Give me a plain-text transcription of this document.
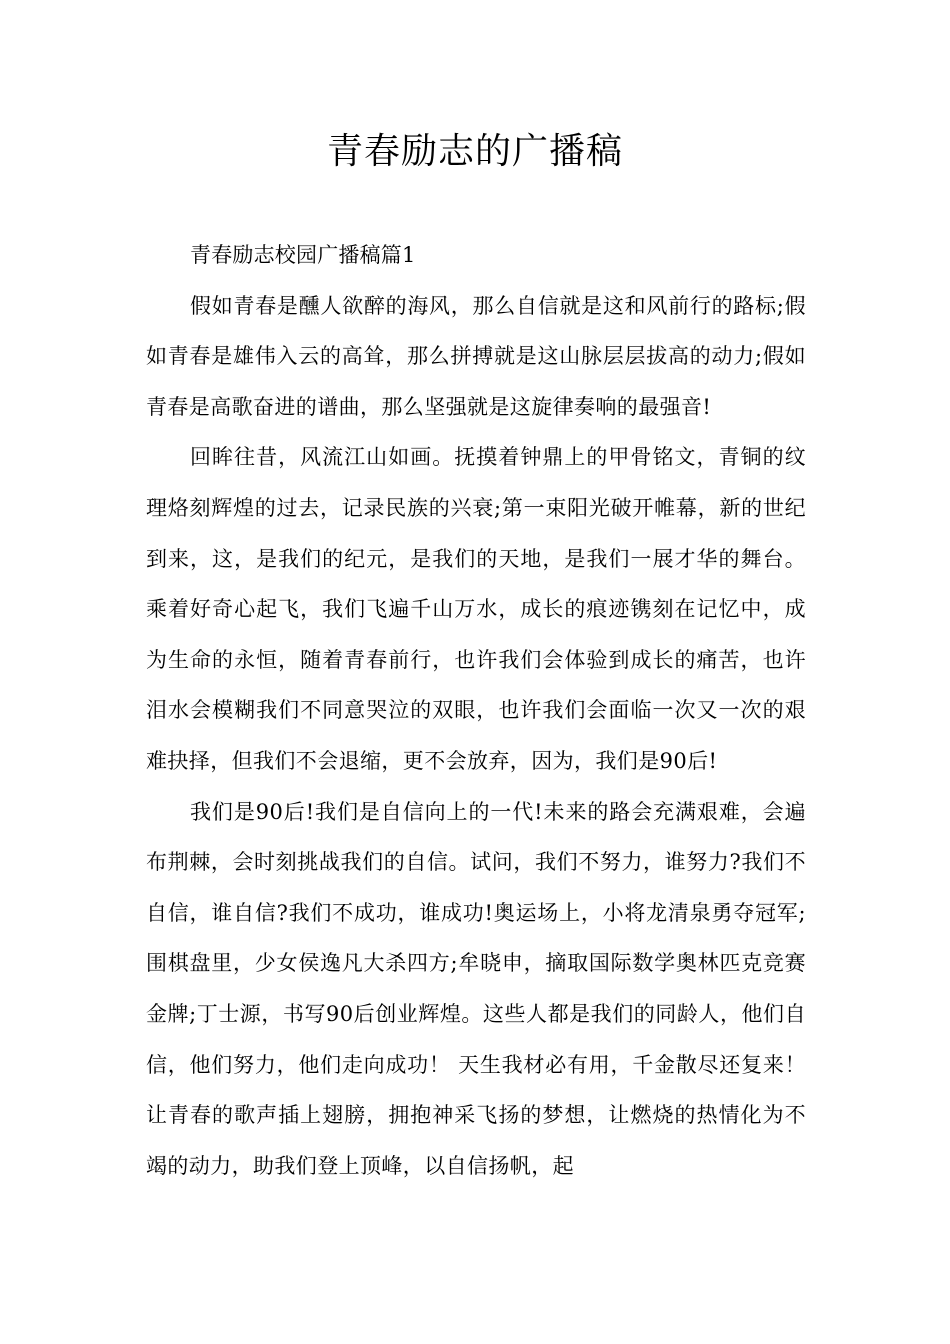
青春励志的广播稿

青春励志校园广播稿篇1

假如青春是醺人欲醉的海风，那么自信就是这和风前行的路标;假如青春是雄伟入云的高耸，那么拼搏就是这山脉层层拔高的动力;假如青春是高歌奋进的谱曲，那么坚强就是这旋律奏响的最强音!

回眸往昔，风流江山如画。抚摸着钟鼎上的甲骨铭文，青铜的纹理烙刻辉煌的过去，记录民族的兴衰;第一束阳光破开帷幕，新的世纪到来，这，是我们的纪元，是我们的天地，是我们一展才华的舞台。 乘着好奇心起飞，我们飞遍千山万水，成长的痕迹镌刻在记忆中，成为生命的永恒，随着青春前行，也许我们会体验到成长的痛苦，也许泪水会模糊我们不同意哭泣的双眼，也许我们会面临一次又一次的艰难抉择，但我们不会退缩，更不会放弃，因为，我们是90后!

我们是90后!我们是自信向上的一代!未来的路会充满艰难，会遍布荆棘，会时刻挑战我们的自信。试问，我们不努力，谁努力?我们不自信，谁自信?我们不成功，谁成功!奥运场上，小将龙清泉勇夺冠军;围棋盘里，少女侯逸凡大杀四方;牟晓申，摘取国际数学奥林匹克竞赛金牌;丁士源，书写90后创业辉煌。这些人都是我们的同龄人，他们自信，他们努力，他们走向成功！ 天生我材必有用，千金散尽还复来！ 让青春的歌声插上翅膀，拥抱神采飞扬的梦想，让燃烧的热情化为不竭的动力，助我们登上顶峰，以自信扬帆，起
